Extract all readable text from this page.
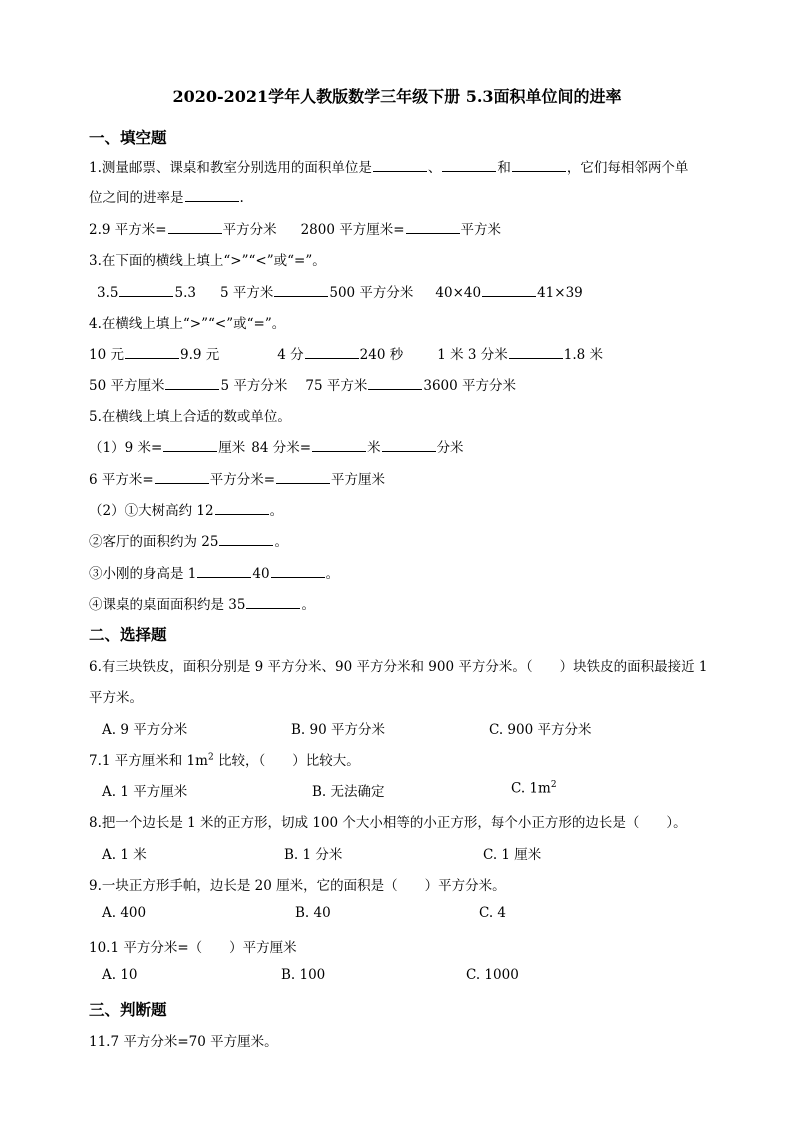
2020-2021学年人教版数学三年级下册 5.3面积单位间的进率
一、填空题
1.测量邮票、课桌和教室分别选用的面积单位是	、	和	，它们每相邻两个单
位之间的进率是	.
2.9 平方米=	平方分米 2800 平方厘米=	平方米
3.在下面的横线上填上“>”“<”或“=”。
3.5	5.3 5 平方米	500 平方分米 40×40	41×39
4.在横线上填上“>”“<”或“=”。
10 元	9.9 元	4 分	240 秒	1 米 3 分米	1.8 米
50 平方厘米	5 平方分米 75 平方米	3600 平方分米
5.在横线上填上合适的数或单位。
（1）9 米=	厘米 84 分米=	米	分米
6 平方米=	平方分米=	平方厘米
（2）①大树高约 12	。
②客厅的面积约为 25	。
③小刚的身高是 1	40	。
④课桌的桌面面积约是 35	。
二、选择题
6.有三块铁皮，面积分别是 9 平方分米、90 平方分米和 900 平方分米。（　　）块铁皮的面积最接近 1
平方米。
A. 9 平方分米	B. 90 平方分米	C. 900 平方分米
7.1 平方厘米和 $1m^2$ 比较，（　　）比较大。
A. 1 平方厘米	B. 无法确定	C. $1m^2$
8.把一个边长是 1 米的正方形，切成 100 个大小相等的小正方形，每个小正方形的边长是（　　）。
A. 1 米	B. 1 分米	C. 1 厘米
9.一块正方形手帕，边长是 20 厘米，它的面积是（　　）平方分米。
A. 400	B. 40	C. 4
10.1 平方分米=（　　）平方厘米
A. 10	B. 100	C. 1000
三、判断题
11.7 平方分米=70 平方厘米。
